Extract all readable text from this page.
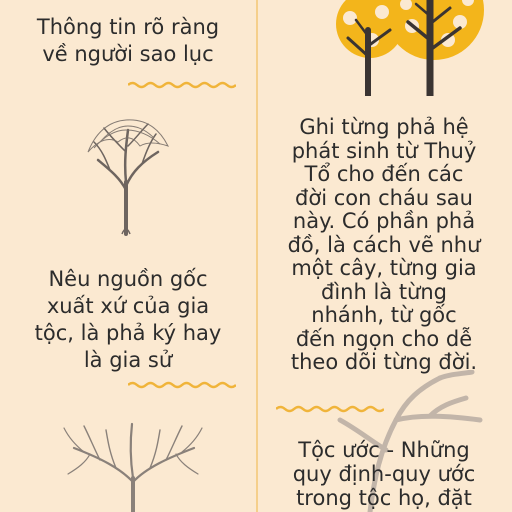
Thông tin rõ ràng
về người sao lục
Nêu nguồn gốc
xuất xứ của gia
tộc, là phả ký hay
là gia sử
Ghi từng phả hệ
phát sinh từ Thuỷ
Tổ cho đến các
đời con cháu sau
này. Có phần phả
đồ, là cách vẽ như
một cây, từng gia
đình là từng
nhánh, từ gốc
đến ngọn cho dễ
theo dõi từng đời.
Tộc ước - Những
quy định-quy ước
trong tộc họ, đặt
